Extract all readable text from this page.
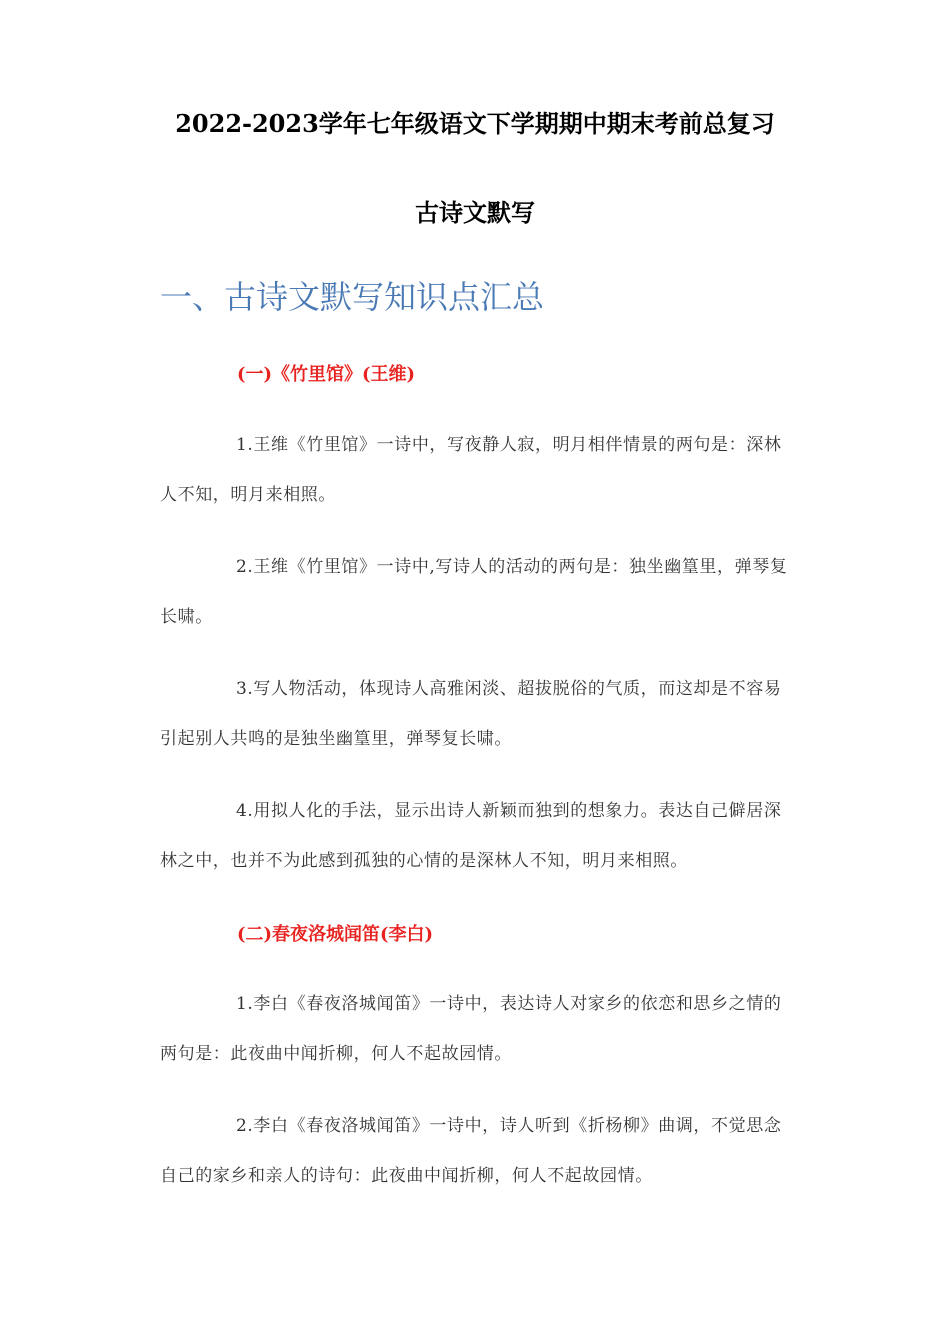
2022-2023学年七年级语文下学期期中期末考前总复习
古诗文默写
一、古诗文默写知识点汇总
(一)《竹里馆》(王维)

1.王维《竹里馆》一诗中，写夜静人寂，明月相伴情景的两句是：深林人不知，明月来相照。

2.王维《竹里馆》一诗中,写诗人的活动的两句是：独坐幽篁里，弹琴复长啸。

3.写人物活动，体现诗人高雅闲淡、超拔脱俗的气质，而这却是不容易引起别人共鸣的是独坐幽篁里，弹琴复长啸。

4.用拟人化的手法，显示出诗人新颖而独到的想象力。表达自己僻居深林之中，也并不为此感到孤独的心情的是深林人不知，明月来相照。

(二)春夜洛城闻笛(李白)

1.李白《春夜洛城闻笛》一诗中，表达诗人对家乡的依恋和思乡之情的两句是：此夜曲中闻折柳，何人不起故园情。

2.李白《春夜洛城闻笛》一诗中，诗人听到《折杨柳》曲调，不觉思念自己的家乡和亲人的诗句：此夜曲中闻折柳，何人不起故园情。
